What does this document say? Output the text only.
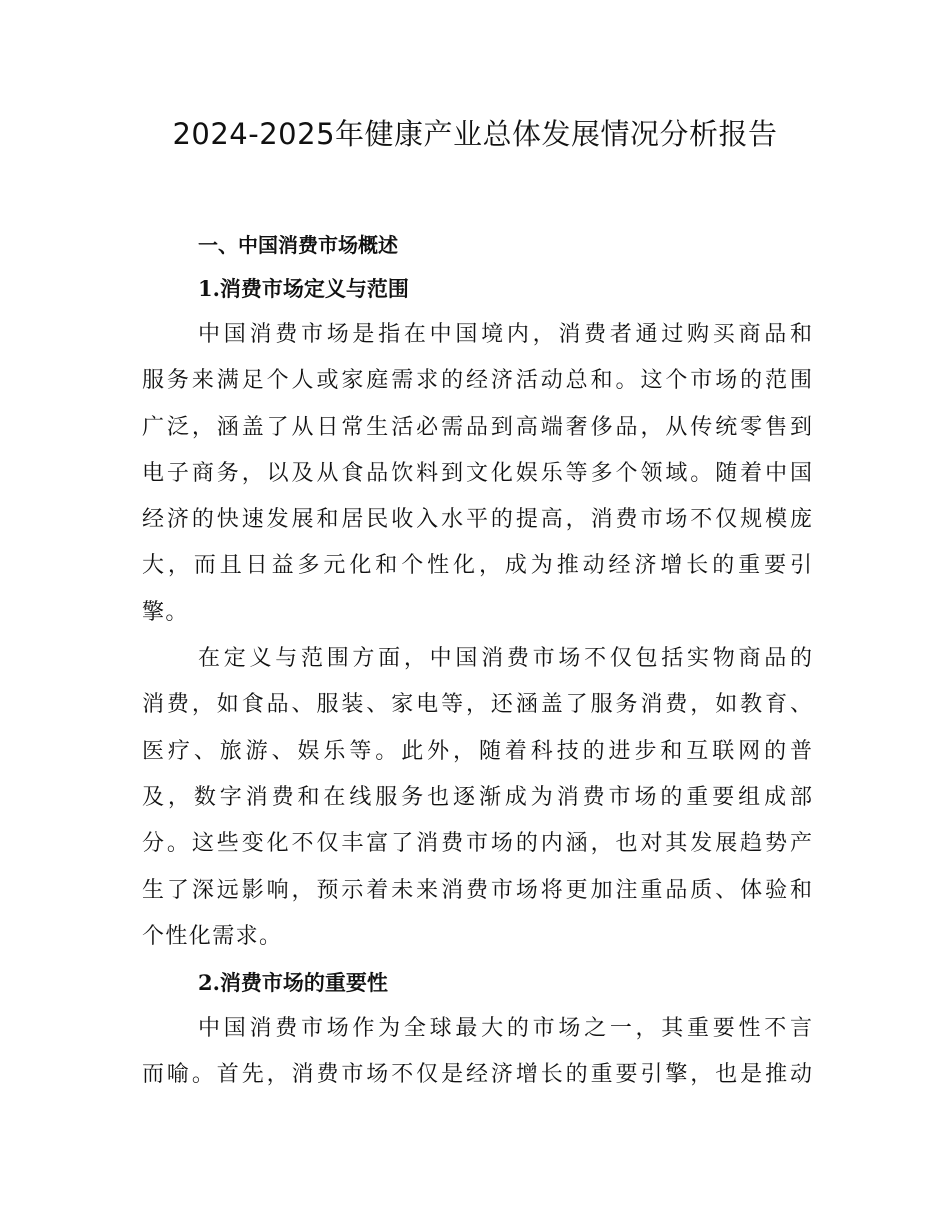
2024-2025年健康产业总体发展情况分析报告
一、中国消费市场概述
1.消费市场定义与范围

中国消费市场是指在中国境内，消费者通过购买商品和
服务来满足个人或家庭需求的经济活动总和。这个市场的范围
广泛，涵盖了从日常生活必需品到高端奢侈品，从传统零售到
电子商务，以及从食品饮料到文化娱乐等多个领域。随着中国
经济的快速发展和居民收入水平的提高，消费市场不仅规模庞
大，而且日益多元化和个性化，成为推动经济增长的重要引
擎。

在定义与范围方面，中国消费市场不仅包括实物商品的
消费，如食品、服装、家电等，还涵盖了服务消费，如教育、
医疗、旅游、娱乐等。此外，随着科技的进步和互联网的普
及，数字消费和在线服务也逐渐成为消费市场的重要组成部
分。这些变化不仅丰富了消费市场的内涵，也对其发展趋势产
生了深远影响，预示着未来消费市场将更加注重品质、体验和
个性化需求。

2.消费市场的重要性

中国消费市场作为全球最大的市场之一，其重要性不言
而喻。首先，消费市场不仅是经济增长的重要引擎，也是推动
